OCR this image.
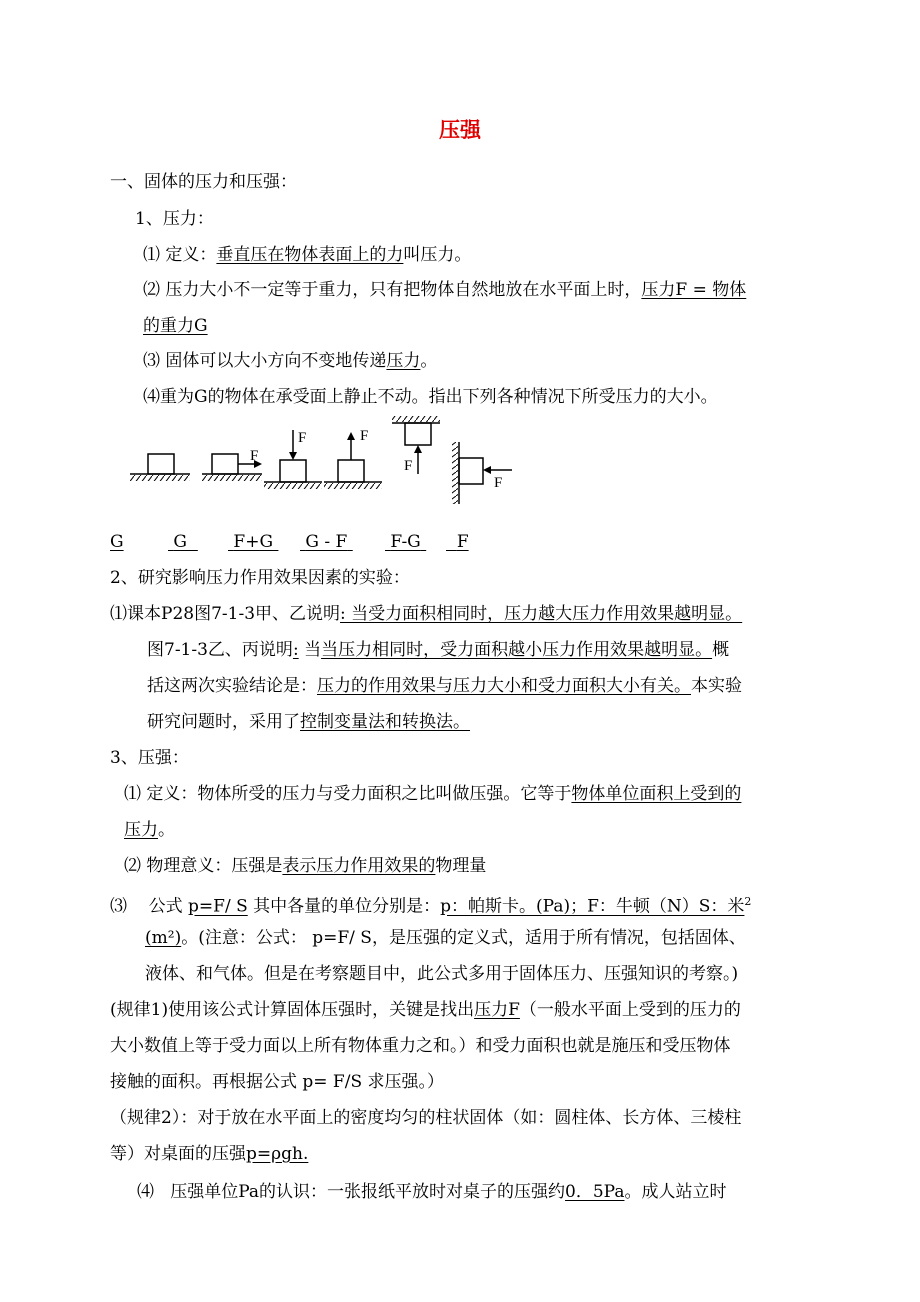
压强
一、固体的压力和压强：
1、压力：
⑴ 定义：垂直压在物体表面上的力叫压力。
⑵ 压力大小不一定等于重力，只有把物体自然地放在水平面上时，压力F = 物体
的重力G
⑶ 固体可以大小方向不变地传递压力。
⑷重为G的物体在承受面上静止不动。指出下列各种情况下所受压力的大小。
F
F	F
F
F
G	G	F+G	G - F	F-G	F
2、研究影响压力作用效果因素的实验：
⑴课本P28图7-1-3甲、乙说明: 当受力面积相同时，压力越大压力作用效果越明显。
图7-1-3乙、丙说明: 当当压力相同时，受力面积越小压力作用效果越明显。概
括这两次实验结论是：压力的作用效果与压力大小和受力面积大小有关。本实验
研究问题时，采用了控制变量法和转换法。
3、压强：
⑴ 定义：物体所受的压力与受力面积之比叫做压强。它等于物体单位面积上受到的
压力。
⑵ 物理意义：压强是表示压力作用效果的物理量
⑶ 公式 p=F/ S 其中各量的单位分别是：p：帕斯卡。(Pa)；F：牛顿（N）S：米$^2$
(m²)。(注意：公式： p=F/ S，是压强的定义式，适用于所有情况，包括固体、
液体、和气体。但是在考察题目中，此公式多用于固体压力、压强知识的考察。)
(规律1)使用该公式计算固体压强时，关键是找出压力F（一般水平面上受到的压力的
大小数值上等于受力面以上所有物体重力之和。）和受力面积也就是施压和受压物体
接触的面积。再根据公式 p= F/S 求压强。）
（规律2）：对于放在水平面上的密度均匀的柱状固体（如：圆柱体、长方体、三棱柱
等）对桌面的压强p=ρgh.
⑷ 压强单位Pa的认识：一张报纸平放时对桌子的压强约0．5Pa。成人站立时
